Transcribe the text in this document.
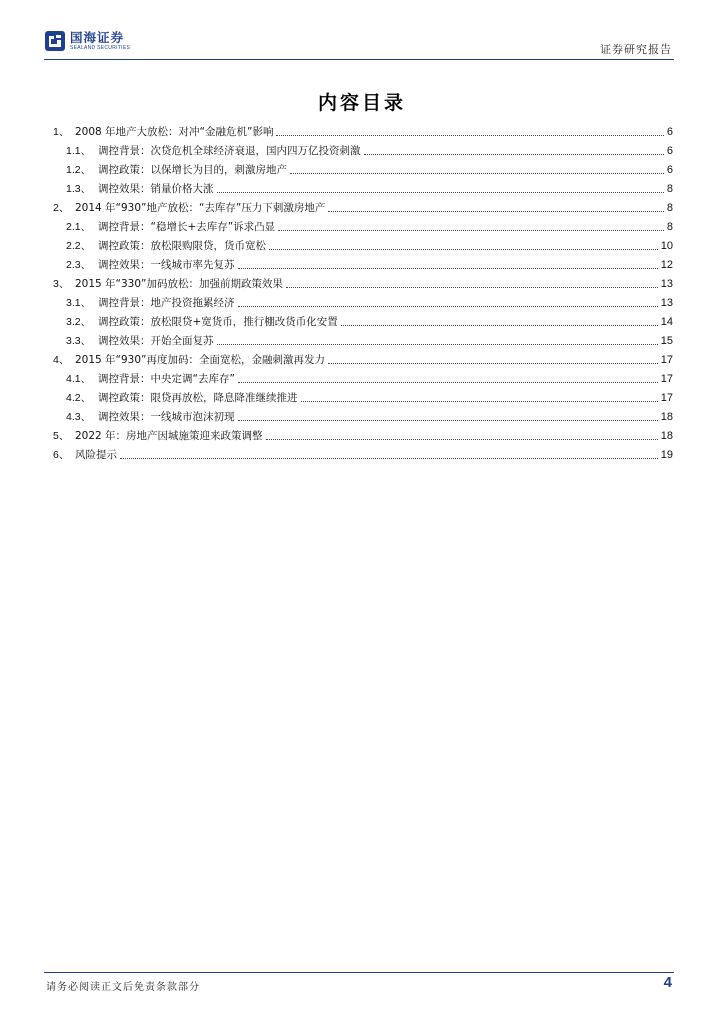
国海证券
SEALAND SECURITIES	证券研究报告
内容目录
1、 2008 年地产大放松：对冲“金融危机”影响	6
1.1、 调控背景：次贷危机全球经济衰退，国内四万亿投资刺激	6
1.2、 调控政策：以保增长为目的，刺激房地产	6
1.3、 调控效果：销量价格大涨	8
2、 2014 年“930”地产放松：“去库存”压力下刺激房地产	8
2.1、 调控背景：“稳增长+去库存”诉求凸显	8
2.2、 调控政策：放松限购限贷，货币宽松	10
2.3、 调控效果：一线城市率先复苏	12
3、 2015 年“330”加码放松：加强前期政策效果	13
3.1、 调控背景：地产投资拖累经济	13
3.2、 调控政策：放松限贷+宽货币，推行棚改货币化安置	14
3.3、 调控效果：开始全面复苏	15
4、 2015 年“930”再度加码：全面宽松，金融刺激再发力	17
4.1、 调控背景：中央定调“去库存”	17
4.2、 调控政策：限贷再放松，降息降准继续推进	17
4.3、 调控效果：一线城市泡沫初现	18
5、 2022 年：房地产因城施策迎来政策调整	18
6、 风险提示	19
请务必阅读正文后免责条款部分	4
